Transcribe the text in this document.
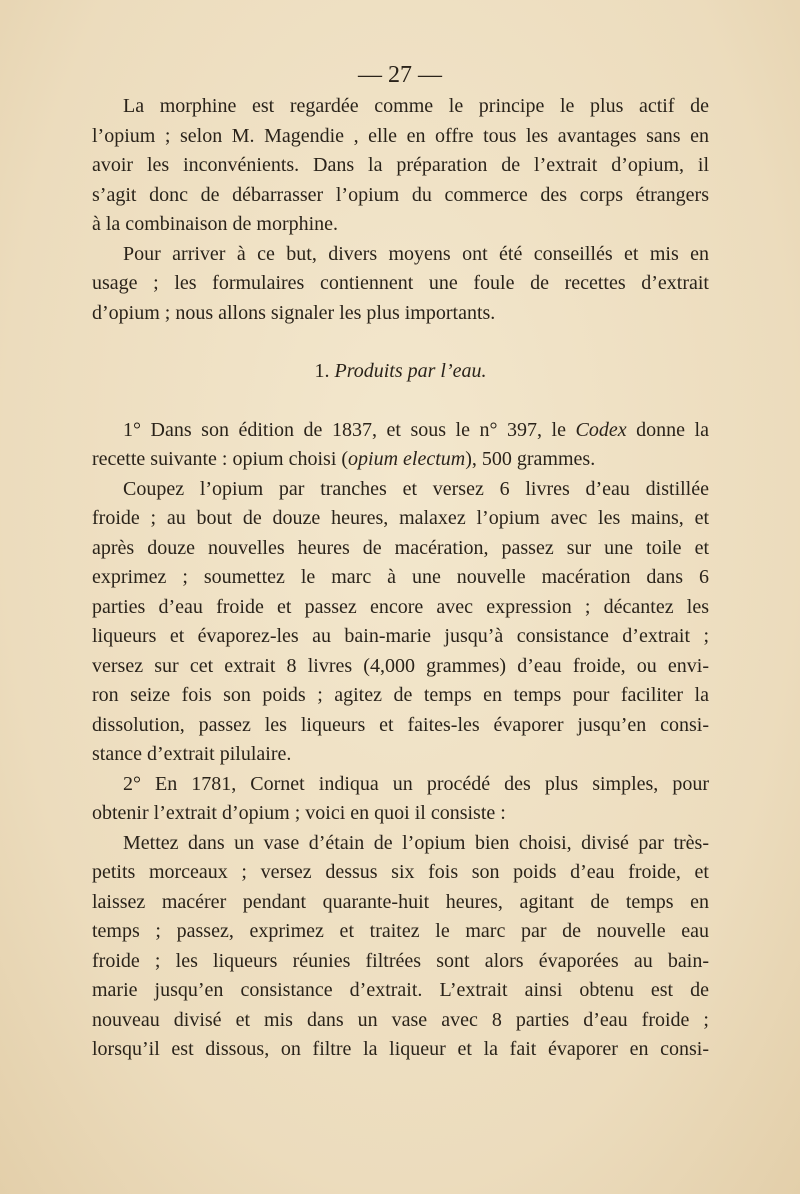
— 27 —

La morphine est regardée comme le principe le plus actif de

l’opium ; selon M. Magendie , elle en offre tous les avantages sans en

avoir les inconvénients. Dans la préparation de l’extrait d’opium, il

s’agit donc de débarrasser l’opium du commerce des corps étrangers

à la combinaison de morphine.

Pour arriver à ce but, divers moyens ont été conseillés et mis en

usage ; les formulaires contiennent une foule de recettes d’extrait

d’opium ; nous allons signaler les plus importants.

1. Produits par l’eau.

1° Dans son édition de 1837, et sous le n° 397, le Codex donne la

recette suivante : opium choisi (opium electum), 500 grammes.

Coupez l’opium par tranches et versez 6 livres d’eau distillée

froide ; au bout de douze heures, malaxez l’opium avec les mains, et

après douze nouvelles heures de macération, passez sur une toile et

exprimez ; soumettez le marc à une nouvelle macération dans 6

parties d’eau froide et passez encore avec expression ; décantez les

liqueurs et évaporez-les au bain-marie jusqu’à consistance d’extrait ;

versez sur cet extrait 8 livres (4,000 grammes) d’eau froide, ou envi-

ron seize fois son poids ; agitez de temps en temps pour faciliter la

dissolution, passez les liqueurs et faites-les évaporer jusqu’en consi-

stance d’extrait pilulaire.

2° En 1781, Cornet indiqua un procédé des plus simples, pour

obtenir l’extrait d’opium ; voici en quoi il consiste :

Mettez dans un vase d’étain de l’opium bien choisi, divisé par très-

petits morceaux ; versez dessus six fois son poids d’eau froide, et

laissez macérer pendant quarante-huit heures, agitant de temps en

temps ; passez, exprimez et traitez le marc par de nouvelle eau

froide ; les liqueurs réunies filtrées sont alors évaporées au bain-

marie jusqu’en consistance d’extrait. L’extrait ainsi obtenu est de

nouveau divisé et mis dans un vase avec 8 parties d’eau froide ;

lorsqu’il est dissous, on filtre la liqueur et la fait évaporer en consi-
